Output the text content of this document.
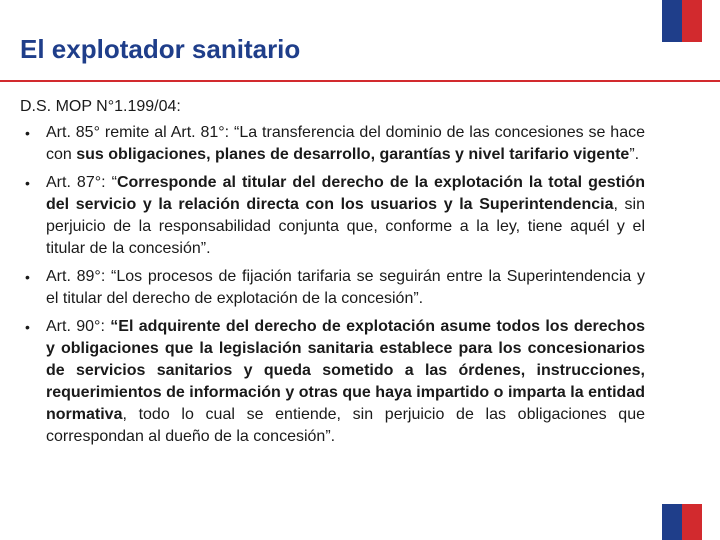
El explotador sanitario

D.S. MOP N°1.199/04:

• Art. 85° remite al Art. 81°: “La transferencia del dominio de las concesiones se hace con sus obligaciones, planes de desarrollo, garantías y nivel tarifario vigente”.
• Art. 87°: “Corresponde al titular del derecho de la explotación la total gestión del servicio y la relación directa con los usuarios y la Superintendencia, sin perjuicio de la responsabilidad conjunta que, conforme a la ley, tiene aquél y el titular de la concesión”.
• Art. 89°: “Los procesos de fijación tarifaria se seguirán entre la Superintendencia y el titular del derecho de explotación de la concesión”.
• Art. 90°: “El adquirente del derecho de explotación asume todos los derechos y obligaciones que la legislación sanitaria establece para los concesionarios de servicios sanitarios y queda sometido a las órdenes, instrucciones, requerimientos de información y otras que haya impartido o imparta la entidad normativa, todo lo cual se entiende, sin perjuicio de las obligaciones que correspondan al dueño de la concesión”.
